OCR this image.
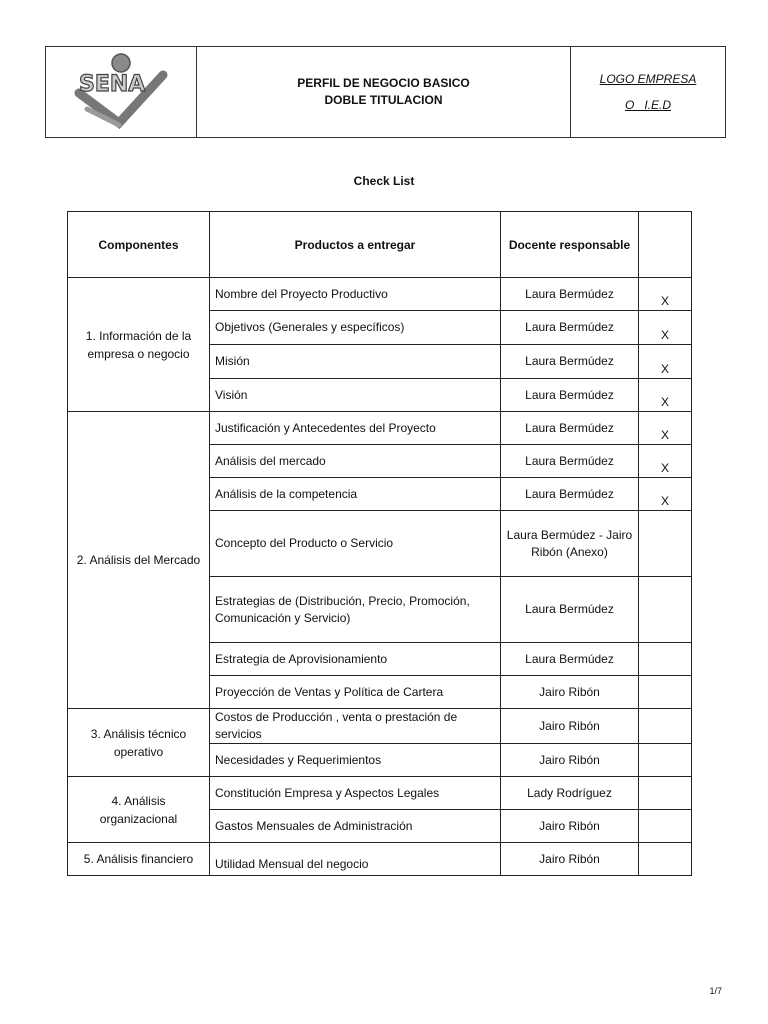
SENA	PERFIL DE NEGOCIO BASICO
DOBLE TITULACION

LOGO EMPRESA
O   I.E.D
Check List
Componentes	Productos a entregar	Docente responsable	
1. Información de la empresa o negocio	Nombre del Proyecto Productivo	Laura Bermúdez	X
	Objetivos (Generales y específicos)	Laura Bermúdez	X
	Misión	Laura Bermúdez	X
	Visión	Laura Bermúdez	X
2. Análisis del Mercado	Justificación y Antecedentes del Proyecto	Laura Bermúdez	X
	Análisis del mercado	Laura Bermúdez	X
	Análisis de la competencia	Laura Bermúdez	X
	Concepto del Producto o Servicio	Laura Bermúdez - Jairo Ribón (Anexo)	
	Estrategias de (Distribución, Precio, Promoción, Comunicación y Servicio)	Laura Bermúdez	
	Estrategia de Aprovisionamiento	Laura Bermúdez	
	Proyección de Ventas y Política de Cartera	Jairo Ribón	
3. Análisis técnico operativo	Costos de Producción , venta o prestación de servicios	Jairo Ribón	
	Necesidades y Requerimientos	Jairo Ribón	
4. Análisis organizacional	Constitución Empresa y Aspectos Legales	Lady Rodríguez	
	Gastos Mensuales de Administración	Jairo Ribón	
5. Análisis financiero	Utilidad Mensual del negocio	Jairo Ribón	
1/7
